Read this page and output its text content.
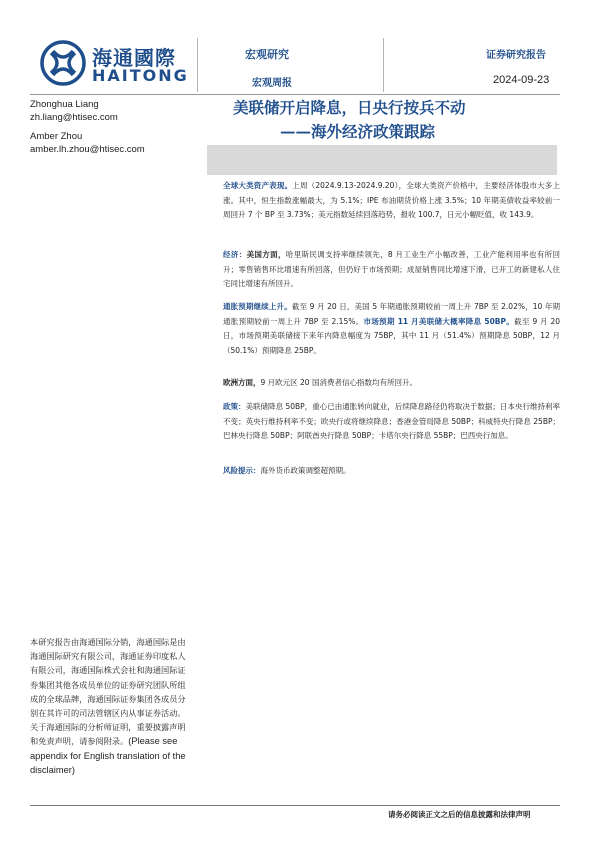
海通國際
HAITONG
宏观研究
宏观周报
证券研究报告
2024-09-23
Zhonghua Liang
zh.liang@htisec.com
Amber Zhou
amber.lh.zhou@htisec.com
美联储开启降息，日央行按兵不动
——海外经济政策跟踪

全球大类资产表现。上周（2024.9.13-2024.9.20），全球大类资产价格中，主要经济体股市大多上涨。其中，恒生指数涨幅最大，为 5.1%；IPE 布油期货价格上涨 3.5%；10 年期美债收益率较前一周回升 7 个 BP 至 3.73%；美元指数延续回落趋势，报收 100.7，日元小幅贬值，收 143.9。

经济：美国方面，哈里斯民调支持率继续领先，8 月工业生产小幅改善，工业产能利用率也有所回升；零售销售环比增速有所回落，但仍好于市场预期；成屋销售同比增速下滑，已开工的新建私人住宅同比增速有所回升。

通胀预期继续上升。截至 9 月 20 日，美国 5 年期通胀预期较前一周上升 7BP 至 2.02%，10 年期通胀预期较前一周上升 7BP 至 2.15%。市场预期 11 月美联储大概率降息 50BP。截至 9 月 20 日，市场预期美联储接下来年内降息幅度为 75BP，其中 11 月（51.4%）预期降息 50BP，12 月（50.1%）预期降息 25BP。

欧洲方面，9 月欧元区 20 国消费者信心指数均有所回升。

政策：美联储降息 50BP，重心已由通胀转向就业，后续降息路径仍将取决于数据；日本央行维持利率不变；英央行维持利率不变；欧央行或将继续降息；香港金管局降息 50BP；科威特央行降息 25BP；巴林央行降息 50BP；阿联酋央行降息 50BP；卡塔尔央行降息 55BP；巴西央行加息。

风险提示：海外货币政策调整超预期。

本研究报告由海通国际分销，海通国际是由海通国际研究有限公司，海通证券印度私人有限公司，海通国际株式会社和海通国际证券集团其他各成员单位的证券研究团队所组成的全球品牌，海通国际证券集团各成员分别在其许可的司法管辖区内从事证券活动。关于海通国际的分析师证明，重要披露声明和免责声明，请参阅附录。(Please see appendix for English translation of the disclaimer)
请务必阅读正文之后的信息披露和法律声明
